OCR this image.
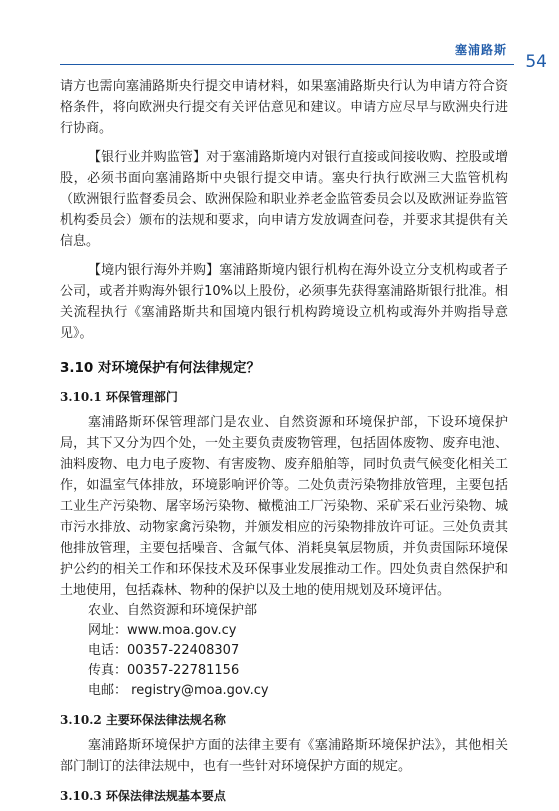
塞浦路斯
54

请方也需向塞浦路斯央行提交申请材料，如果塞浦路斯央行认为申请方符合资格条件，将向欧洲央行提交有关评估意见和建议。申请方应尽早与欧洲央行进行协商。

【银行业并购监管】对于塞浦路斯境内对银行直接或间接收购、控股或增股，必须书面向塞浦路斯中央银行提交申请。塞央行执行欧洲三大监管机构（欧洲银行监督委员会、欧洲保险和职业养老金监管委员会以及欧洲证券监管机构委员会）颁布的法规和要求，向申请方发放调查问卷，并要求其提供有关信息。

【境内银行海外并购】塞浦路斯境内银行机构在海外设立分支机构或者子公司，或者并购海外银行10%以上股份，必须事先获得塞浦路斯银行批准。相关流程执行《塞浦路斯共和国境内银行机构跨境设立机构或海外并购指导意见》。

3.10 对环境保护有何法律规定？
3.10.1 环保管理部门

塞浦路斯环保管理部门是农业、自然资源和环境保护部，下设环境保护局，其下又分为四个处，一处主要负责废物管理，包括固体废物、废弃电池、油料废物、电力电子废物、有害废物、废弃船舶等，同时负责气候变化相关工作，如温室气体排放，环境影响评价等。二处负责污染物排放管理，主要包括工业生产污染物、屠宰场污染物、橄榄油工厂污染物、采矿采石业污染物、城市污水排放、动物家禽污染物，并颁发相应的污染物排放许可证。三处负责其他排放管理，主要包括噪音、含氟气体、消耗臭氧层物质，并负责国际环境保护公约的相关工作和环保技术及环保事业发展推动工作。四处负责自然保护和土地使用，包括森林、物种的保护以及土地的使用规划及环境评估。

农业、自然资源和环境保护部
网址：www.moa.gov.cy
电话：00357-22408307
传真：00357-22781156
电邮： registry@moa.gov.cy
3.10.2 主要环保法律法规名称

塞浦路斯环境保护方面的法律主要有《塞浦路斯环境保护法》，其他相关部门制订的法律法规中，也有一些针对环境保护方面的规定。

3.10.3 环保法律法规基本要点
